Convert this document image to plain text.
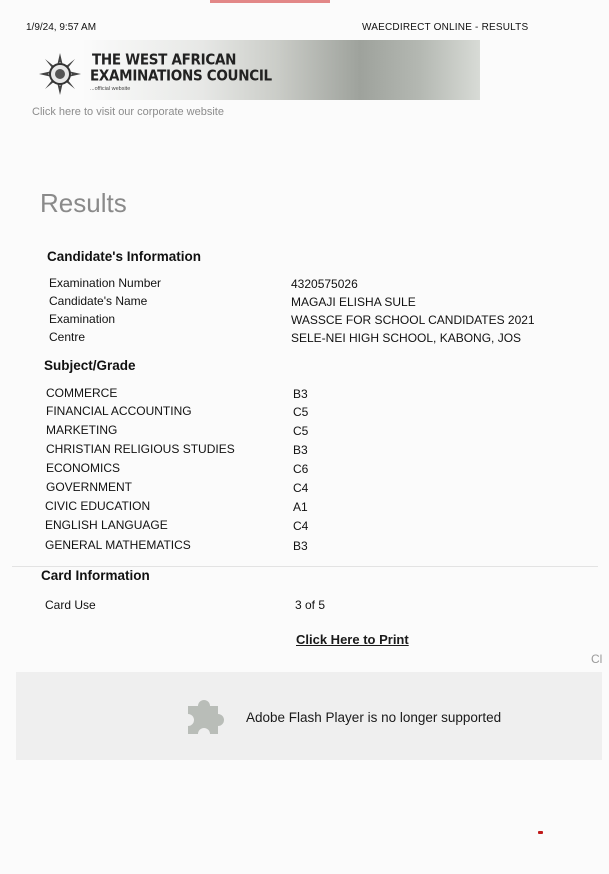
1/9/24, 9:57 AM	WAECDIRECT ONLINE - RESULTS
THE WEST AFRICAN
EXAMINATIONS COUNCIL
...official website
Click here to visit our corporate website
Results
Candidate's Information
Examination Number	4320575026
Candidate's Name	MAGAJI ELISHA SULE
Examination	WASSCE FOR SCHOOL CANDIDATES 2021
Centre	SELE-NEI HIGH SCHOOL, KABONG, JOS
Subject/Grade
COMMERCE	B3
FINANCIAL ACCOUNTING	C5
MARKETING	C5
CHRISTIAN RELIGIOUS STUDIES	B3
ECONOMICS	C6
GOVERNMENT	C4
CIVIC EDUCATION	A1
ENGLISH LANGUAGE	C4
GENERAL MATHEMATICS	B3
Card Information
Card Use	3 of 5
Click Here to Print
Cl
Adobe Flash Player is no longer supported
